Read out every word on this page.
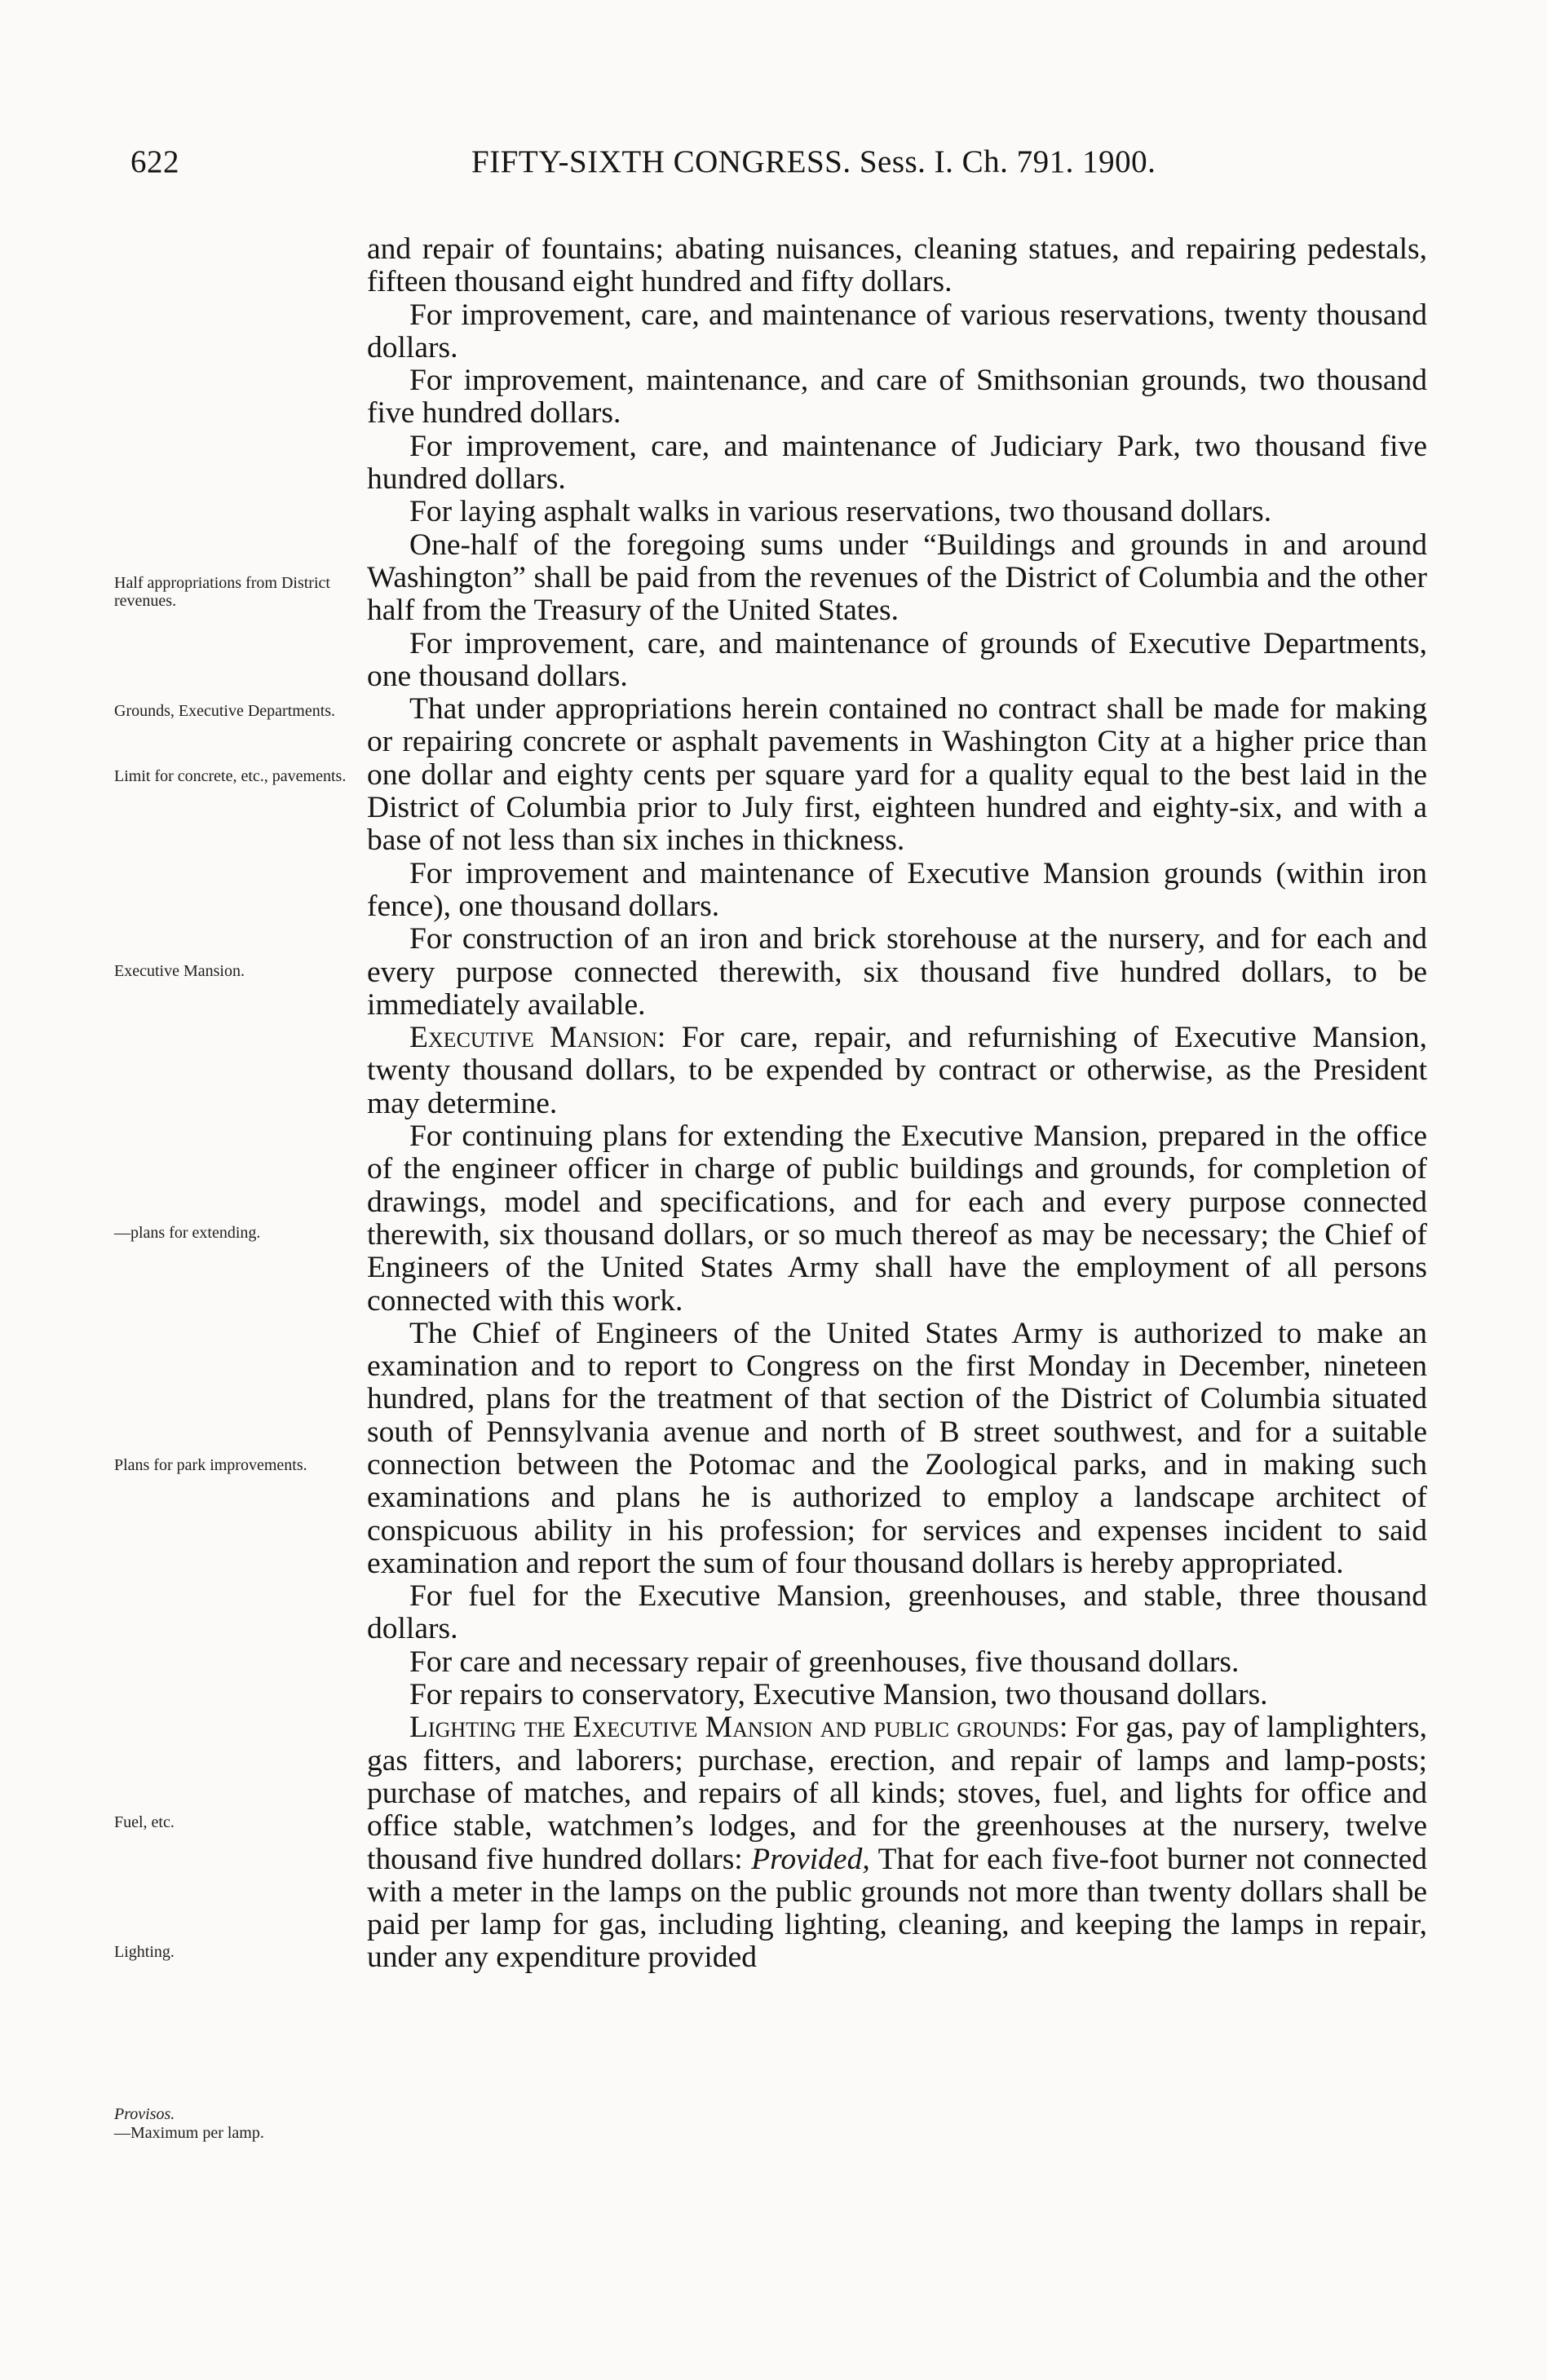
622	FIFTY-SIXTH CONGRESS. Sess. I. Ch. 791. 1900.
Half appropriations from District revenues.
Grounds, Executive Departments.
Limit for concrete, etc., pavements.
Executive Mansion.
—plans for extending.
Plans for park improvements.
Fuel, etc.
Lighting.
Provisos.
—Maximum per lamp.

and repair of fountains; abating nuisances, cleaning statues, and repairing pedestals, fifteen thousand eight hundred and fifty dollars.

For improvement, care, and maintenance of various reservations, twenty thousand dollars.

For improvement, maintenance, and care of Smithsonian grounds, two thousand five hundred dollars.

For improvement, care, and maintenance of Judiciary Park, two thousand five hundred dollars.

For laying asphalt walks in various reservations, two thousand dollars.

One-half of the foregoing sums under “Buildings and grounds in and around Washington” shall be paid from the revenues of the District of Columbia and the other half from the Treasury of the United States.

For improvement, care, and maintenance of grounds of Executive Departments, one thousand dollars.

That under appropriations herein contained no contract shall be made for making or repairing concrete or asphalt pavements in Washington City at a higher price than one dollar and eighty cents per square yard for a quality equal to the best laid in the District of Columbia prior to July first, eighteen hundred and eighty-six, and with a base of not less than six inches in thickness.

For improvement and maintenance of Executive Mansion grounds (within iron fence), one thousand dollars.

For construction of an iron and brick storehouse at the nursery, and for each and every purpose connected therewith, six thousand five hundred dollars, to be immediately available.

Executive Mansion: For care, repair, and refurnishing of Executive Mansion, twenty thousand dollars, to be expended by contract or otherwise, as the President may determine.

For continuing plans for extending the Executive Mansion, prepared in the office of the engineer officer in charge of public buildings and grounds, for completion of drawings, model and specifications, and for each and every purpose connected therewith, six thousand dollars, or so much thereof as may be necessary; the Chief of Engineers of the United States Army shall have the employment of all persons connected with this work.

The Chief of Engineers of the United States Army is authorized to make an examination and to report to Congress on the first Monday in December, nineteen hundred, plans for the treatment of that section of the District of Columbia situated south of Pennsylvania avenue and north of B street southwest, and for a suitable connection between the Potomac and the Zoological parks, and in making such examinations and plans he is authorized to employ a landscape architect of conspicuous ability in his profession; for services and expenses incident to said examination and report the sum of four thousand dollars is hereby appropriated.

For fuel for the Executive Mansion, greenhouses, and stable, three thousand dollars.

For care and necessary repair of greenhouses, five thousand dollars.

For repairs to conservatory, Executive Mansion, two thousand dollars.

Lighting the Executive Mansion and public grounds: For gas, pay of lamplighters, gas fitters, and laborers; purchase, erection, and repair of lamps and lamp-posts; purchase of matches, and repairs of all kinds; stoves, fuel, and lights for office and office stable, watchmen’s lodges, and for the greenhouses at the nursery, twelve thousand five hundred dollars: Provided, That for each five-foot burner not connected with a meter in the lamps on the public grounds not more than twenty dollars shall be paid per lamp for gas, including lighting, cleaning, and keeping the lamps in repair, under any expenditure provided
